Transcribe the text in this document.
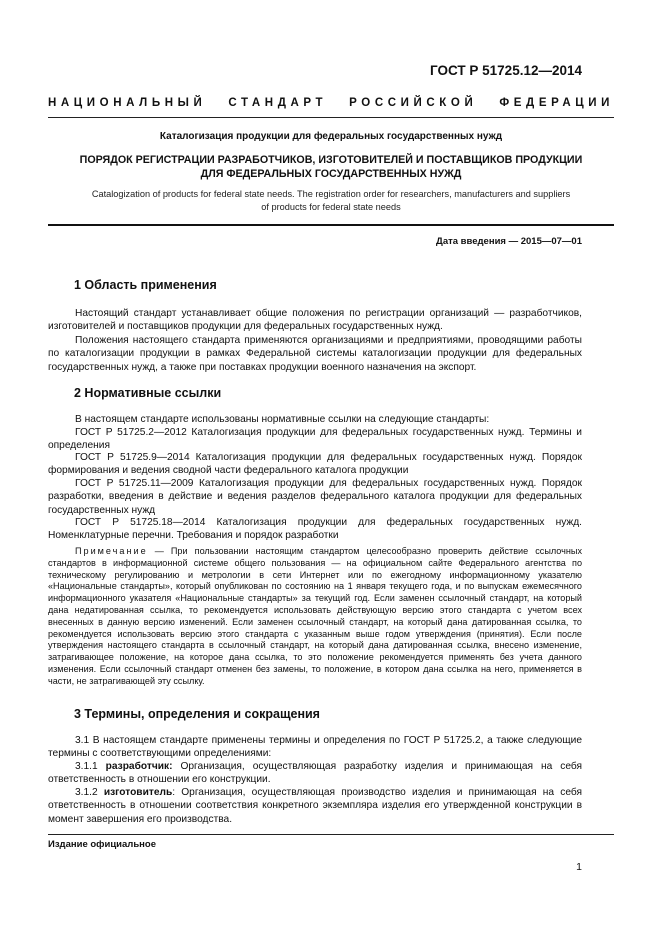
ГОСТ Р 51725.12—2014
НАЦИОНАЛЬНЫЙ СТАНДАРТ РОССИЙСКОЙ ФЕДЕРАЦИИ
Каталогизация продукции для федеральных государственных нужд
ПОРЯДОК РЕГИСТРАЦИИ РАЗРАБОТЧИКОВ, ИЗГОТОВИТЕЛЕЙ И ПОСТАВЩИКОВ ПРОДУКЦИИ
ДЛЯ ФЕДЕРАЛЬНЫХ ГОСУДАРСТВЕННЫХ НУЖД
Catalogization of products for federal state needs. The registration order for researchers, manufacturers and suppliers
of products for federal state needs
Дата введения — 2015—07—01
1 Область применения
Настоящий стандарт устанавливает общие положения по регистрации организаций — разработчиков, изготовителей и поставщиков продукции для федеральных государственных нужд.
Положения настоящего стандарта применяются организациями и предприятиями, проводящими работы по каталогизации продукции в рамках Федеральной системы каталогизации продукции для федеральных государственных нужд, а также при поставках продукции военного назначения на экспорт.
2 Нормативные ссылки
В настоящем стандарте использованы нормативные ссылки на следующие стандарты:
ГОСТ Р 51725.2—2012 Каталогизация продукции для федеральных государственных нужд. Термины и определения
ГОСТ Р 51725.9—2014 Каталогизация продукции для федеральных государственных нужд. Порядок формирования и ведения сводной части федерального каталога продукции
ГОСТ Р 51725.11—2009 Каталогизация продукции для федеральных государственных нужд. Порядок разработки, введения в действие и ведения разделов федерального каталога продукции для федеральных государственных нужд
ГОСТ Р 51725.18—2014 Каталогизация продукции для федеральных государственных нужд. Номенклатурные перечни. Требования и порядок разработки
Примечание — При пользовании настоящим стандартом целесообразно проверить действие ссылочных стандартов в информационной системе общего пользования — на официальном сайте Федерального агентства по техническому регулированию и метрологии в сети Интернет или по ежегодному информационному указателю «Национальные стандарты», который опубликован по состоянию на 1 января текущего года, и по выпускам ежемесячного информационного указателя «Национальные стандарты» за текущий год. Если заменен ссылочный стандарт, на который дана недатированная ссылка, то рекомендуется использовать действующую версию этого стандарта с учетом всех внесенных в данную версию изменений. Если заменен ссылочный стандарт, на который дана датированная ссылка, то рекомендуется использовать версию этого стандарта с указанным выше годом утверждения (принятия). Если после утверждения настоящего стандарта в ссылочный стандарт, на который дана датированная ссылка, внесено изменение, затрагивающее положение, на которое дана ссылка, то это положение рекомендуется применять без учета данного изменения. Если ссылочный стандарт отменен без замены, то положение, в котором дана ссылка на него, применяется в части, не затрагивающей эту ссылку.
3 Термины, определения и сокращения
3.1 В настоящем стандарте применены термины и определения по ГОСТ Р 51725.2, а также следующие термины с соответствующими определениями:
3.1.1 разработчик: Организация, осуществляющая разработку изделия и принимающая на себя ответственность в отношении его конструкции.
3.1.2 изготовитель: Организация, осуществляющая производство изделия и принимающая на себя ответственность в отношении соответствия конкретного экземпляра изделия его утвержденной конструкции в момент завершения его производства.
Издание официальное
1
